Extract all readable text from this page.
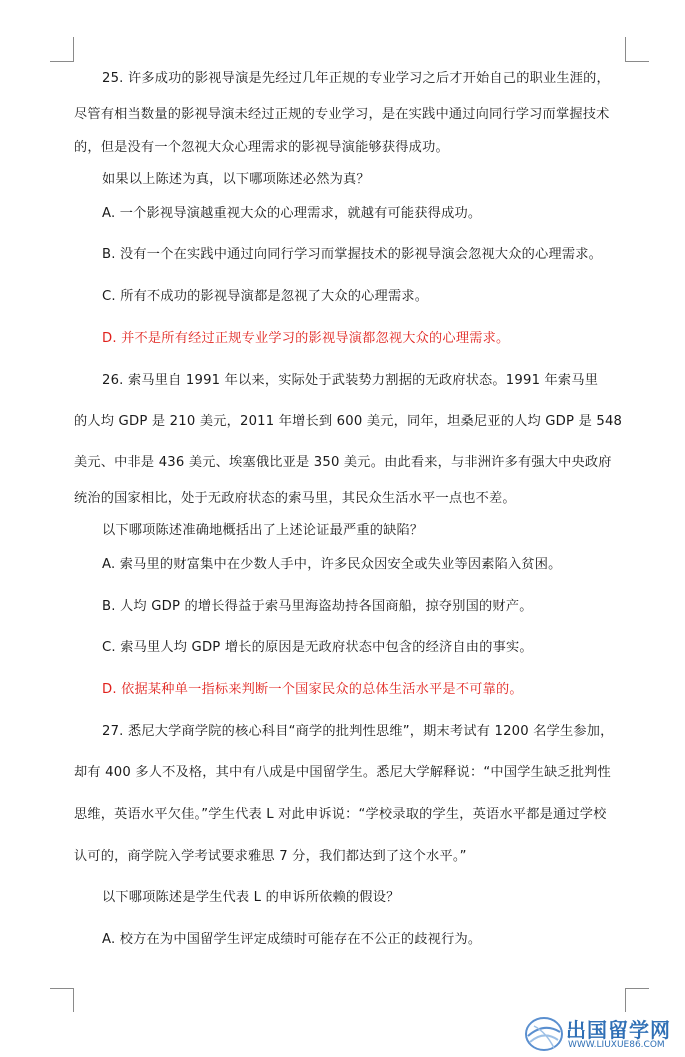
25. 许多成功的影视导演是先经过几年正规的专业学习之后才开始自己的职业生涯的，
尽管有相当数量的影视导演未经过正规的专业学习，是在实践中通过向同行学习而掌握技术
的，但是没有一个忽视大众心理需求的影视导演能够获得成功。
如果以上陈述为真，以下哪项陈述必然为真？
A. 一个影视导演越重视大众的心理需求，就越有可能获得成功。
B. 没有一个在实践中通过向同行学习而掌握技术的影视导演会忽视大众的心理需求。
C. 所有不成功的影视导演都是忽视了大众的心理需求。
D. 并不是所有经过正规专业学习的影视导演都忽视大众的心理需求。
26. 索马里自 1991 年以来，实际处于武装势力割据的无政府状态。1991 年索马里
的人均 GDP 是 210 美元，2011 年增长到 600 美元，同年，坦桑尼亚的人均 GDP 是 548
美元、中非是 436 美元、埃塞俄比亚是 350 美元。由此看来，与非洲许多有强大中央政府
统治的国家相比，处于无政府状态的索马里，其民众生活水平一点也不差。
以下哪项陈述准确地概括出了上述论证最严重的缺陷？
A. 索马里的财富集中在少数人手中，许多民众因安全或失业等因素陷入贫困。
B. 人均 GDP 的增长得益于索马里海盗劫持各国商船，掠夺别国的财产。
C. 索马里人均 GDP 增长的原因是无政府状态中包含的经济自由的事实。
D. 依据某种单一指标来判断一个国家民众的总体生活水平是不可靠的。
27. 悉尼大学商学院的核心科目“商学的批判性思维”，期末考试有 1200 名学生参加，
却有 400 多人不及格，其中有八成是中国留学生。悉尼大学解释说：“中国学生缺乏批判性
思维，英语水平欠佳。”学生代表 L 对此申诉说：“学校录取的学生，英语水平都是通过学校
认可的，商学院入学考试要求雅思 7 分，我们都达到了这个水平。”
以下哪项陈述是学生代表 L 的申诉所依赖的假设？
A. 校方在为中国留学生评定成绩时可能存在不公正的歧视行为。
出国留学网
WWW.LIUXUE86.COM
